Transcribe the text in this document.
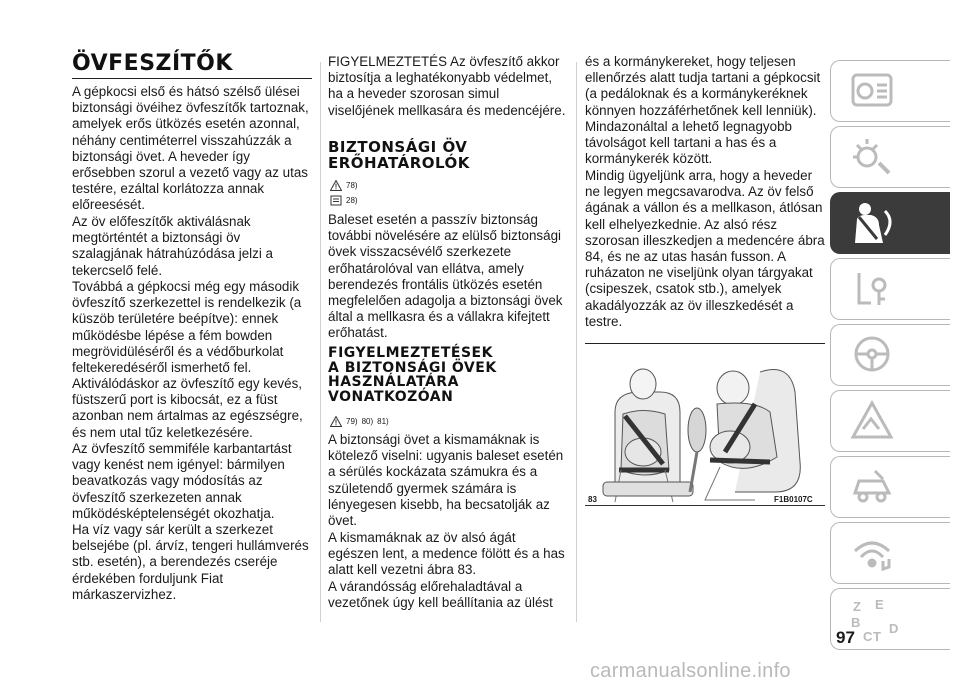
ÖVFESZÍTŐK

A gépkocsi első és hátsó szélső ülései biztonsági övéihez övfeszítők tartoznak, amelyek erős ütközés esetén azonnal, néhány centiméterrel visszahúzzák a biztonsági övet. A heveder így erősebben szorul a vezető vagy az utas testére, ezáltal korlátozza annak előreesését.

Az öv előfeszítők aktiválásnak megtörténtét a biztonsági öv szalagjának hátrahúzódása jelzi a tekercselő felé.

Továbbá a gépkocsi még egy második övfeszítő szerkezettel is rendelkezik (a küszöb területére beépítve): ennek működésbe lépése a fém bowden megrövidüléséről és a védőburkolat feltekeredéséről ismerhető fel.

Aktiválódáskor az övfeszítő egy kevés, füstszerű port is kibocsát, ez a füst azonban nem ártalmas az egészségre, és nem utal tűz keletkezésére.

Az övfeszítő semmiféle karbantartást vagy kenést nem igényel: bármilyen beavatkozás vagy módosítás az övfeszítő szerkezeten annak működésképtelenségét okozhatja.

Ha víz vagy sár került a szerkezet belsejébe (pl. árvíz, tengeri hullámverés stb. esetén), a berendezés cseréje érdekében forduljunk Fiat márkaszervizhez.

FIGYELMEZTETÉS Az övfeszítő akkor biztosítja a leghatékonyabb védelmet, ha a heveder szorosan simul viselőjének mellkasára és medencéjére.

BIZTONSÁGI ÖV
ERŐHATÁROLÓK
78)
28)

Baleset esetén a passzív biztonság további növelésére az elülső biztonsági övek visszacsévélő szerkezete erőhatárolóval van ellátva, amely berendezés frontális ütközés esetén megfelelően adagolja a biztonsági övek által a mellkasra és a vállakra kifejtett erőhatást.

FIGYELMEZTETÉSEK
A BIZTONSÁGI ÖVEK
HASZNÁLATÁRA
VONATKOZÓAN
79) 80) 81)

A biztonsági övet a kismamáknak is kötelező viselni: ugyanis baleset esetén a sérülés kockázata számukra és a születendő gyermek számára is lényegesen kisebb, ha becsatolják az övet.

A kismamáknak az öv alsó ágát egészen lent, a medence fölött és a has alatt kell vezetni ábra 83.

A várandósság előrehaladtával a vezetőnek úgy kell beállítania az ülést

és a kormánykereket, hogy teljesen ellenőrzés alatt tudja tartani a gépkocsit (a pedáloknak és a kormánykeréknek könnyen hozzáférhetőnek kell lenniük). Mindazonáltal a lehető legnagyobb távolságot kell tartani a has és a kormánykerék között.

Mindig ügyeljünk arra, hogy a heveder ne legyen megcsavarodva. Az öv felső ágának a vállon és a mellkason, átlósan kell elhelyezkednie. Az alsó rész szorosan illeszkedjen a medencére ábra 84, és ne az utas hasán fusson. A ruházaton ne viseljünk olyan tárgyakat (csipeszek, csatok stb.), amelyek akadályozzák az öv illeszkedését a testre.

83	F1B0107C
Z E
B
C T
D
97
carmanualsonline.info
